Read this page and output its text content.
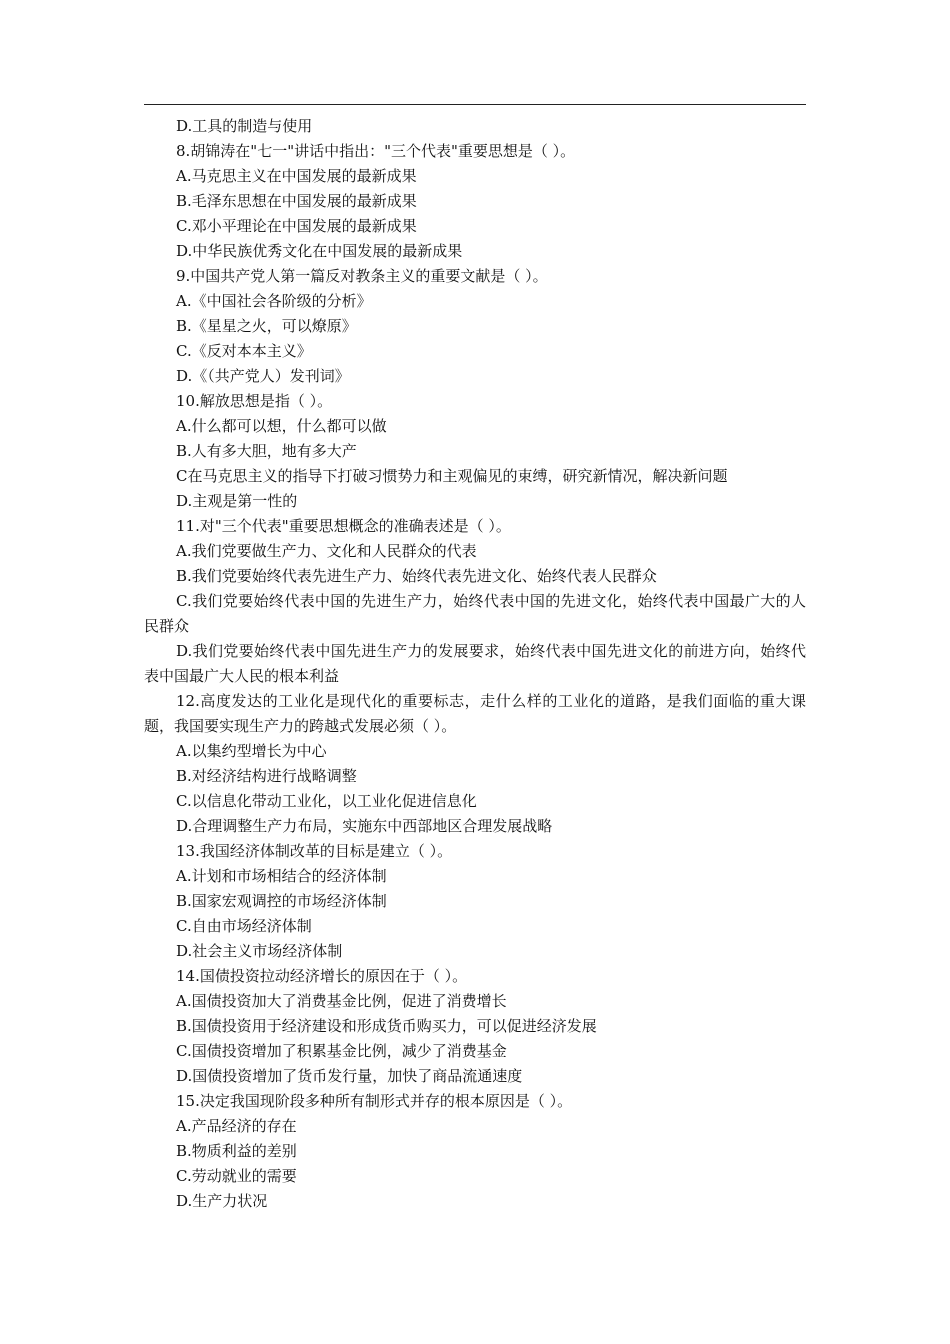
D.工具的制造与使用

8.胡锦涛在"七一"讲话中指出："三个代表"重要思想是（ ）。

A.马克思主义在中国发展的最新成果

B.毛泽东思想在中国发展的最新成果

C.邓小平理论在中国发展的最新成果

D.中华民族优秀文化在中国发展的最新成果

9.中国共产党人第一篇反对教条主义的重要文献是（ ）。

A.《中国社会各阶级的分析》

B.《星星之火，可以燎原》

C.《反对本本主义》

D.《（共产党人）发刊词》

10.解放思想是指（ ）。

A.什么都可以想，什么都可以做

B.人有多大胆，地有多大产

C在马克思主义的指导下打破习惯势力和主观偏见的束缚，研究新情况，解决新问题

D.主观是第一性的

11.对"三个代表"重要思想概念的准确表述是（ ）。

A.我们党要做生产力、文化和人民群众的代表

B.我们党要始终代表先进生产力、始终代表先进文化、始终代表人民群众

C.我们党要始终代表中国的先进生产力，始终代表中国的先进文化，始终代表中国最广大的人民群众

D.我们党要始终代表中国先进生产力的发展要求，始终代表中国先进文化的前进方向，始终代表中国最广大人民的根本利益

12.高度发达的工业化是现代化的重要标志，走什么样的工业化的道路，是我们面临的重大课题，我国要实现生产力的跨越式发展必须（ ）。

A.以集约型增长为中心

B.对经济结构进行战略调整

C.以信息化带动工业化，以工业化促进信息化

D.合理调整生产力布局，实施东中西部地区合理发展战略

13.我国经济体制改革的目标是建立（ ）。

A.计划和市场相结合的经济体制

B.国家宏观调控的市场经济体制

C.自由市场经济体制

D.社会主义市场经济体制

14.国债投资拉动经济增长的原因在于（ ）。

A.国债投资加大了消费基金比例，促进了消费增长

B.国债投资用于经济建设和形成货币购买力，可以促进经济发展

C.国债投资增加了积累基金比例，减少了消费基金

D.国债投资增加了货币发行量，加快了商品流通速度

15.决定我国现阶段多种所有制形式并存的根本原因是（ ）。

A.产品经济的存在

B.物质利益的差别

C.劳动就业的需要

D.生产力状况
